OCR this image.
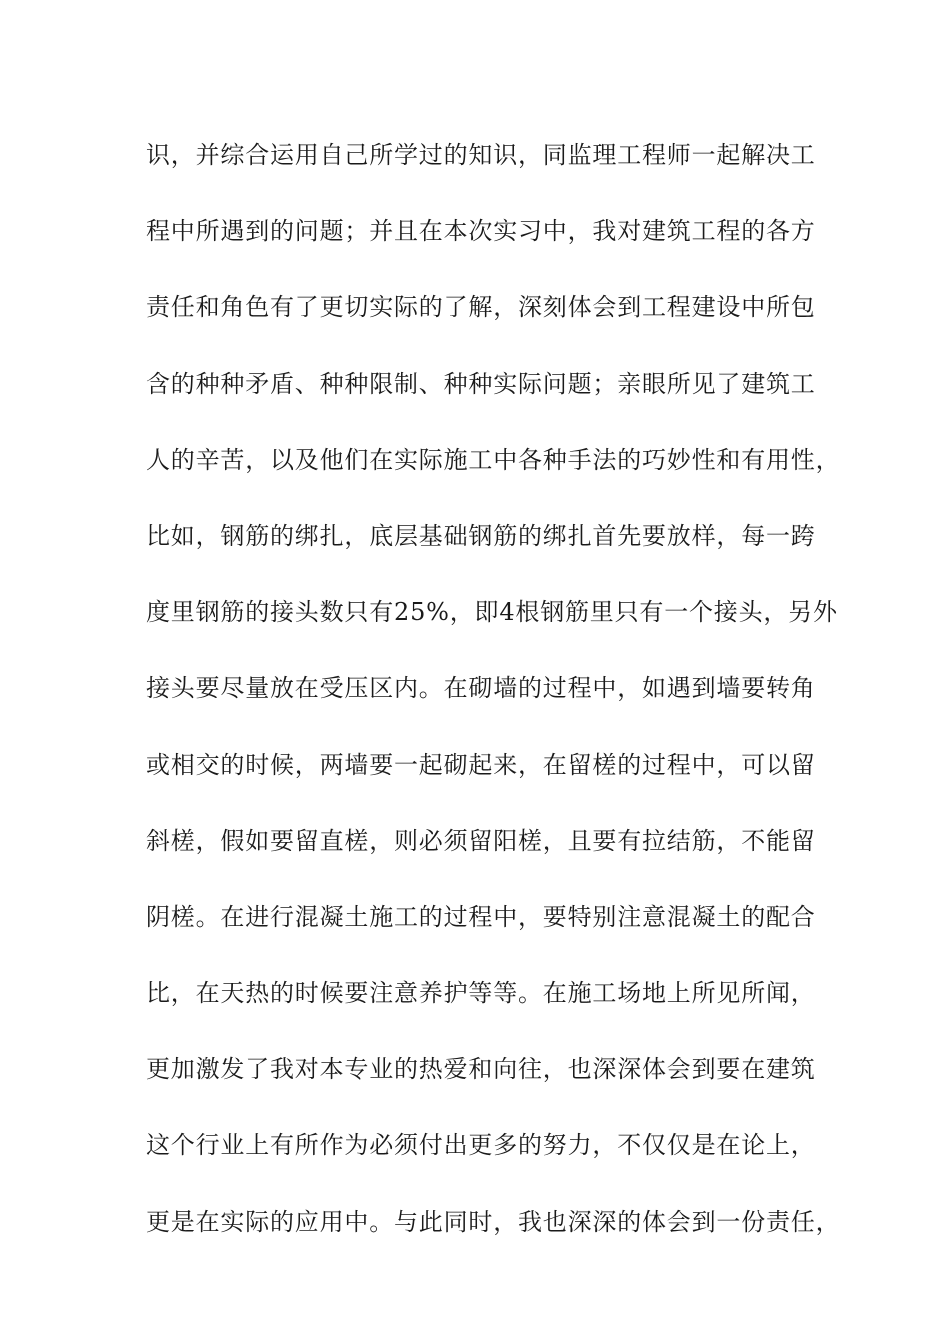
识，并综合运用自己所学过的知识，同监理工程师一起解决工
程中所遇到的问题；并且在本次实习中，我对建筑工程的各方
责任和角色有了更切实际的了解，深刻体会到工程建设中所包
含的种种矛盾、种种限制、种种实际问题；亲眼所见了建筑工
人的辛苦，以及他们在实际施工中各种手法的巧妙性和有用性，
比如，钢筋的绑扎，底层基础钢筋的绑扎首先要放样，每一跨
度里钢筋的接头数只有25%，即4根钢筋里只有一个接头，另外
接头要尽量放在受压区内。在砌墙的过程中，如遇到墙要转角
或相交的时候，两墙要一起砌起来，在留槎的过程中，可以留
斜槎，假如要留直槎，则必须留阳槎，且要有拉结筋，不能留
阴槎。在进行混凝土施工的过程中，要特别注意混凝土的配合
比，在天热的时候要注意养护等等。在施工场地上所见所闻，
更加激发了我对本专业的热爱和向往，也深深体会到要在建筑
这个行业上有所作为必须付出更多的努力，不仅仅是在论上，
更是在实际的应用中。与此同时，我也深深的体会到一份责任，
